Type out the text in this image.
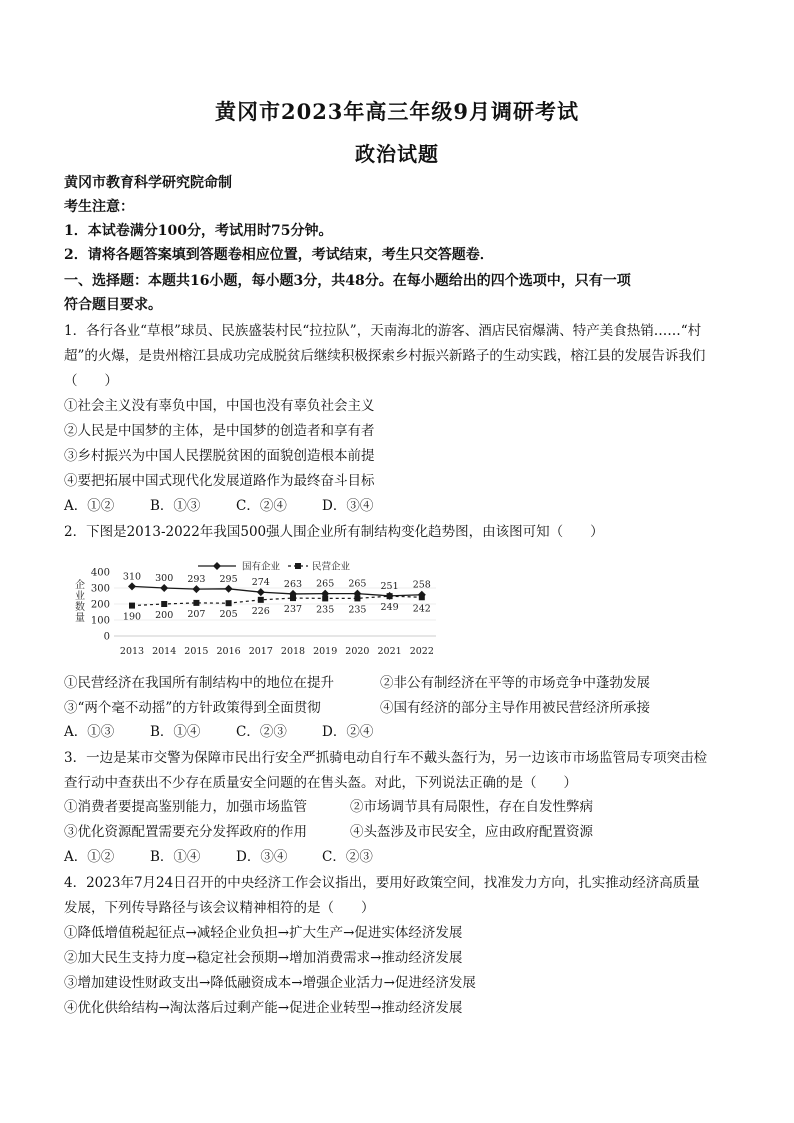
黄冈市2023年高三年级9月调研考试
政治试题
黄冈市教育科学研究院命制
考生注意：
1．本试卷满分100分，考试用时75分钟。
2．请将各题答案填到答题卷相应位置，考试结束，考生只交答题卷．
一、选择题：本题共16小题，每小题3分，共48分。在每小题给出的四个选项中，只有一项
符合题目要求。
1．各行各业“草根”球员、民族盛装村民“拉拉队”，天南海北的游客、酒店民宿爆满、特产美食热销……“村
超”的火爆，是贵州榕江县成功完成脱贫后继续积极探索乡村振兴新路子的生动实践，榕江县的发展告诉我们
（　　）
①社会主义没有辜负中国，中国也没有辜负社会主义
②人民是中国梦的主体，是中国梦的创造者和享有者
③乡村振兴为中国人民摆脱贫困的面貌创造根本前提
④要把拓展中国式现代化发展道路作为最终奋斗目标
A．①②	B．①③	C．②④	D．③④
2．下图是2013-2022年我国500强人围企业所有制结构变化趋势图，由该图可知（　　）
企
业
数
量
400
300
200
100
0
310 300 293 295 274 263 265 265 251 258
190 200 207 205 226 237 235 235 249 242
2013 2014 2015 2016 2017 2018 2019 2020 2021 2022
国有企业	民营企业
①民营经济在我国所有制结构中的地位在提升	②非公有制经济在平等的市场竞争中蓬勃发展
③“两个毫不动摇”的方针政策得到全面贯彻	④国有经济的部分主导作用被民营经济所承接
A．①③	B．①④	C．②③	D．②④
3．一边是某市交警为保障市民出行安全严抓骑电动自行车不戴头盔行为，另一边该市市场监管局专项突击检
查行动中查获出不少存在质量安全问题的在售头盔。对此，下列说法正确的是（　　）
①消费者要提高鉴别能力，加强市场监管	②市场调节具有局限性，存在自发性弊病
③优化资源配置需要充分发挥政府的作用	④头盔涉及市民安全，应由政府配置资源
A．①②	B．①④	D．③④	C．②③
4．2023年7月24日召开的中央经济工作会议指出，要用好政策空间，找准发力方向，扎实推动经济高质量
发展，下列传导路径与该会议精神相符的是（　　）
①降低增值税起征点→减轻企业负担→扩大生产→促进实体经济发展
②加大民生支持力度→稳定社会预期→增加消费需求→推动经济发展
③增加建设性财政支出→降低融资成本→增强企业活力→促进经济发展
④优化供给结构→淘汰落后过剩产能→促进企业转型→推动经济发展
